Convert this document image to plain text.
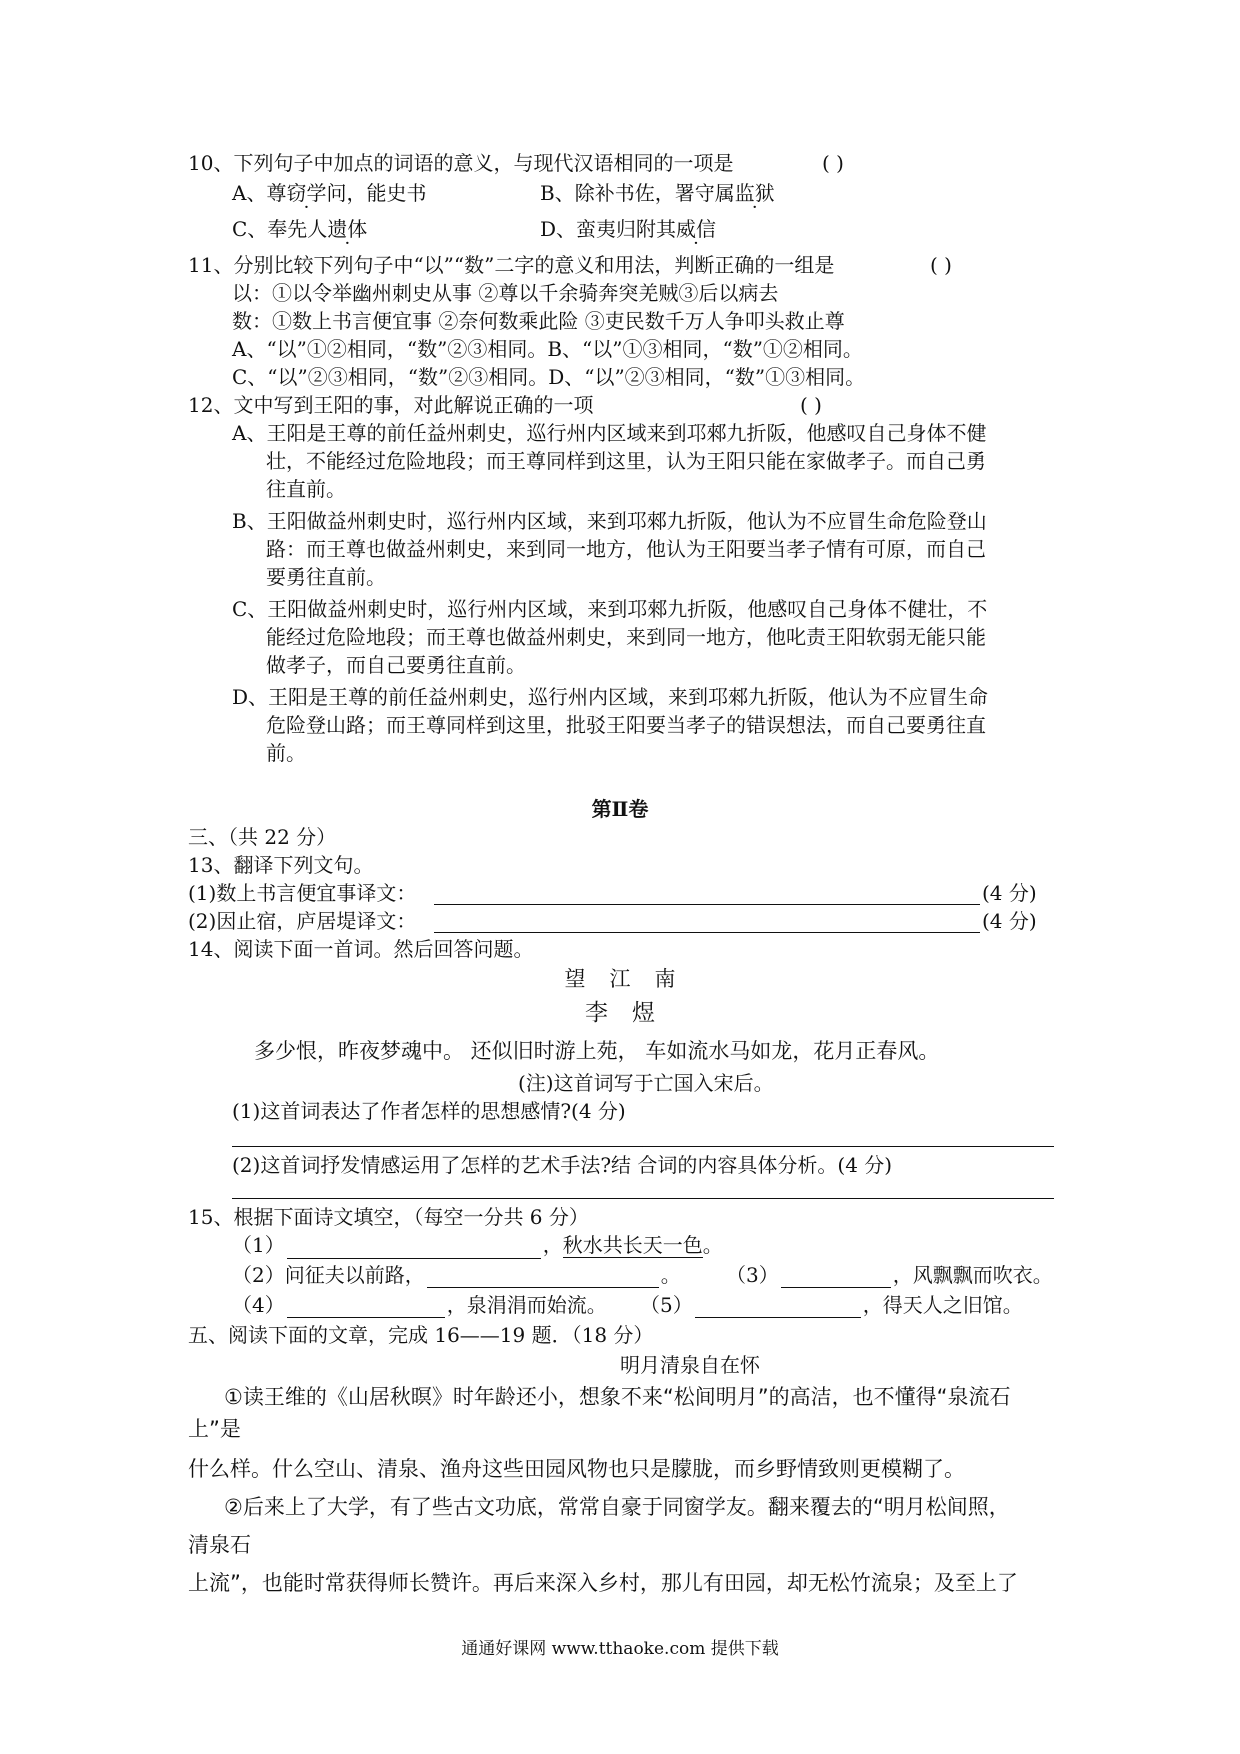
10、下列句子中加点的词语的意义，与现代汉语相同的一项是	( )
A、尊窃学问，能史书	B、除补书佐，署守属监狱
C、奉先人遗体	D、蛮夷归附其威信
11、分别比较下列句子中“以”“数”二字的意义和用法，判断正确的一组是	( )
以：①以令举幽州刺史从事 ②尊以千余骑奔突羌贼③后以病去
数：①数上书言便宜事 ②奈何数乘此险 ③吏民数千万人争叩头救止尊
A、“以”①②相同，“数”②③相同。B、“以”①③相同，“数”①②相同。
C、“以”②③相同，“数”②③相同。D、“以”②③相同，“数”①③相同。
12、文中写到王阳的事，对此解说正确的一项	( )
A、王阳是王尊的前任益州刺史，巡行州内区域来到邛郲九折阪，他感叹自己身体不健
壮，不能经过危险地段；而王尊同样到这里，认为王阳只能在家做孝子。而自己勇
往直前。
B、王阳做益州刺史时，巡行州内区域，来到邛郲九折阪，他认为不应冒生命危险登山
路：而王尊也做益州刺史，来到同一地方，他认为王阳要当孝子情有可原，而自己
要勇往直前。
C、王阳做益州刺史时，巡行州内区域，来到邛郲九折阪，他感叹自己身体不健壮，不
能经过危险地段；而王尊也做益州刺史，来到同一地方，他叱责王阳软弱无能只能
做孝子，而自己要勇往直前。
D、王阳是王尊的前任益州刺史，巡行州内区域，来到邛郲九折阪，他认为不应冒生命
危险登山路；而王尊同样到这里，批驳王阳要当孝子的错误想法，而自己要勇往直
前。
第Ⅱ卷
三、（共 22 分）
13、翻译下列文句。
(1)数上书言便宜事译文：	(4 分)
(2)因止宿，庐居堤译文：	(4 分)
14、阅读下面一首词。然后回答问题。
望江南
李煜
多少恨，昨夜梦魂中。 还似旧时游上苑， 车如流水马如龙，花月正春风。
(注)这首词写于亡国入宋后。
(1)这首词表达了作者怎样的思想感情?(4 分)
(2)这首词抒发情感运用了怎样的艺术手法?结 合词的内容具体分析。(4 分)
15、根据下面诗文填空，（每空一分共 6 分）
（1）	，秋水共长天一色。
（2）问征夫以前路，	。 （3）	，风飘飘而吹衣。
（4）	，泉涓涓而始流。 （5）	，得天人之旧馆。
五、阅读下面的文章，完成 16——19 题．（18 分）
明月清泉自在怀
①读王维的《山居秋暝》时年龄还小，想象不来“松间明月”的高洁，也不懂得“泉流石
上”是
什么样。什么空山、清泉、渔舟这些田园风物也只是朦胧，而乡野情致则更模糊了。
②后来上了大学，有了些古文功底，常常自豪于同窗学友。翻来覆去的“明月松间照，
清泉石
上流”，也能时常获得师长赞许。再后来深入乡村，那儿有田园，却无松竹流泉；及至上了
通通好课网 www.tthaoke.com 提供下载
